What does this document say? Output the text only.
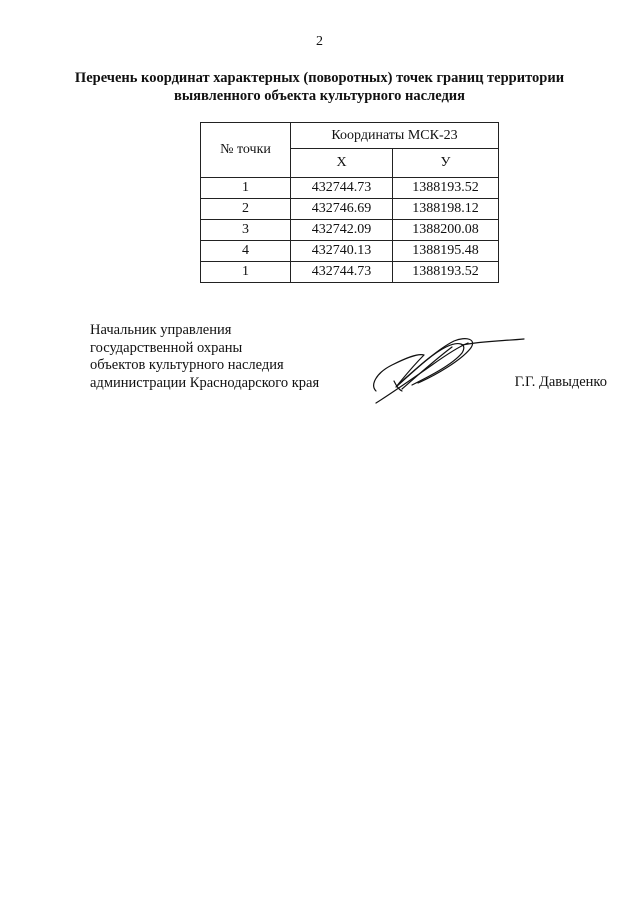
2
Перечень координат характерных (поворотных) точек границ территории
выявленного объекта культурного наследия
№ точки	Координаты МСК-23	
	Х	У
1	432744.73	1388193.52
2	432746.69	1388198.12
3	432742.09	1388200.08
4	432740.13	1388195.48
1	432744.73	1388193.52
Начальник управления
государственной охраны
объектов культурного наследия
администрации Краснодарского края	Г.Г. Давыденко
